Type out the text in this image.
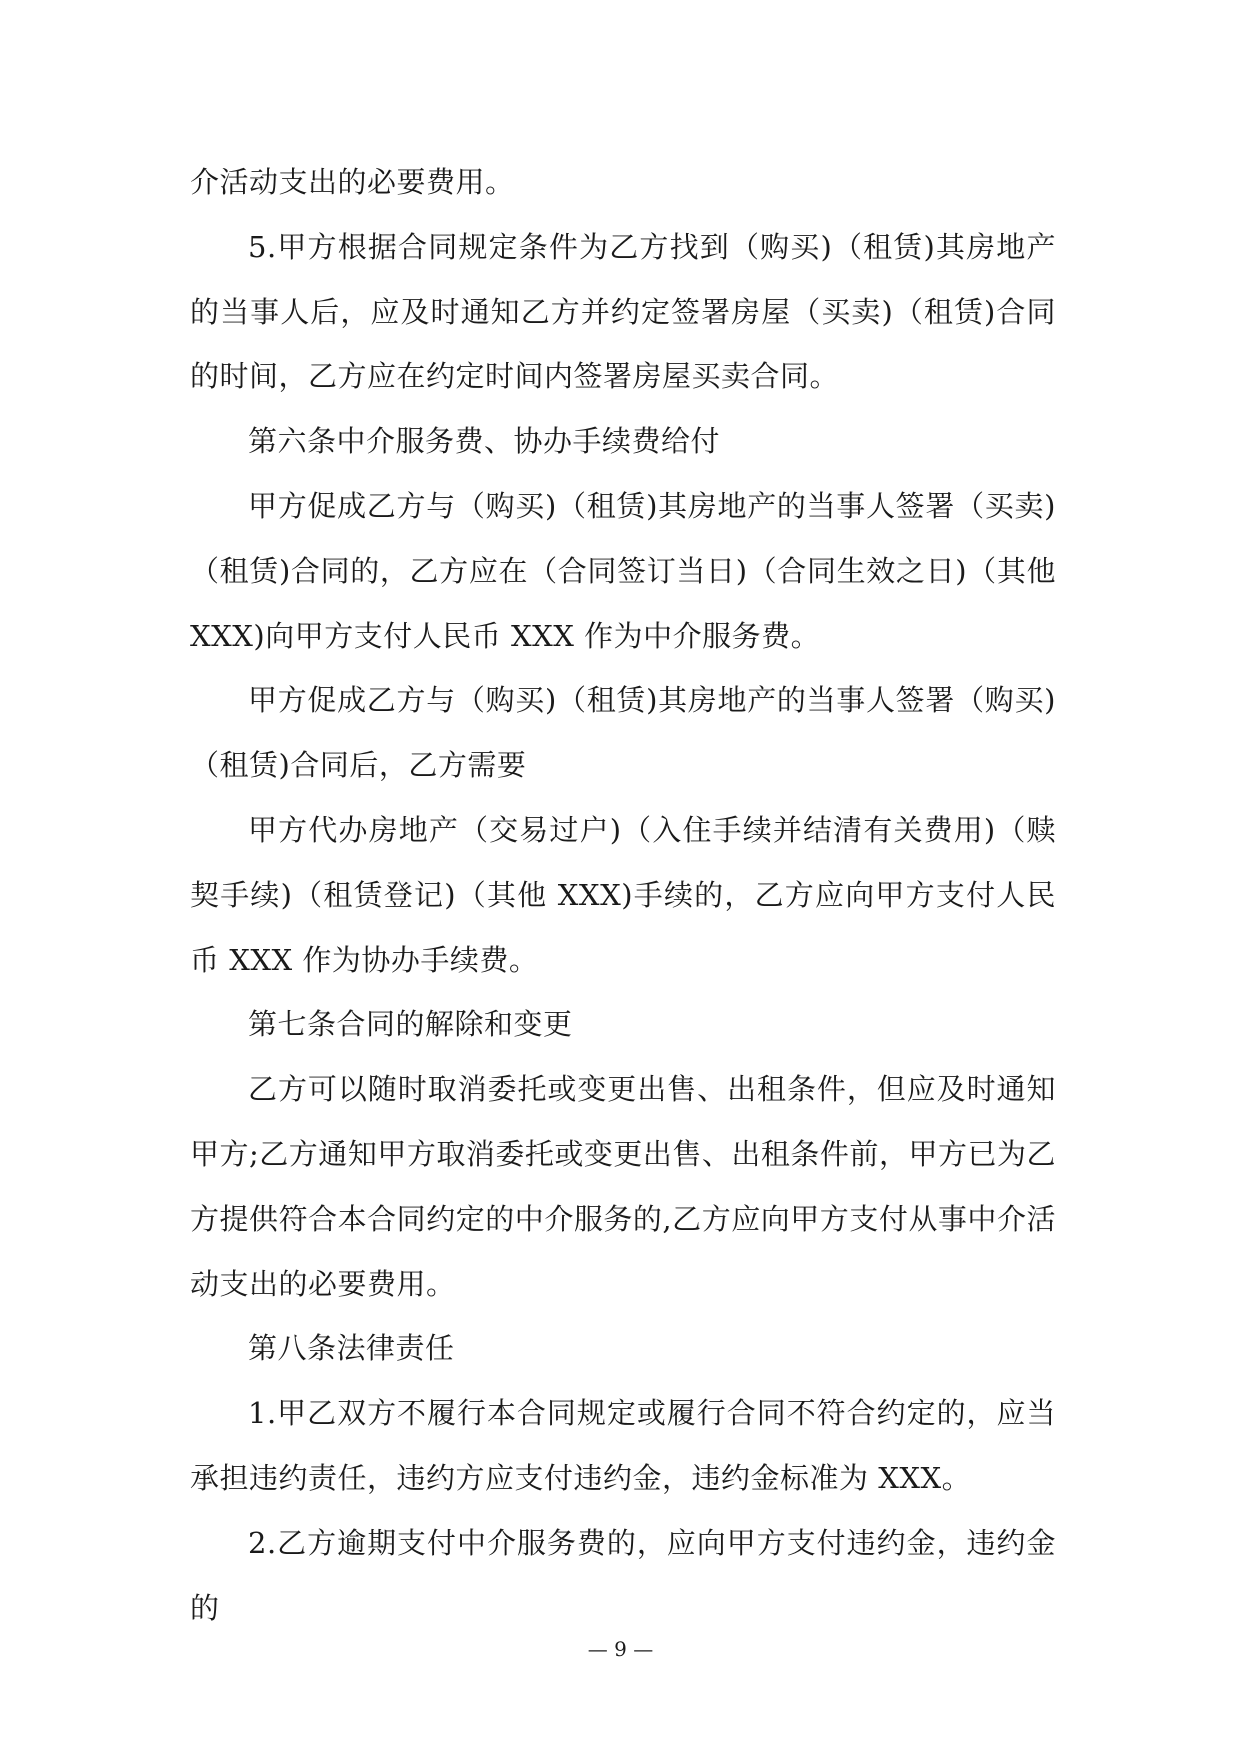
介活动支出的必要费用。

5.甲方根据合同规定条件为乙方找到（购买)（租赁)其房地产的当事人后，应及时通知乙方并约定签署房屋（买卖)（租赁)合同的时间，乙方应在约定时间内签署房屋买卖合同。

第六条中介服务费、协办手续费给付

甲方促成乙方与（购买)（租赁)其房地产的当事人签署（买卖)（租赁)合同的，乙方应在（合同签订当日)（合同生效之日)（其他XXX)向甲方支付人民币 XXX 作为中介服务费。

甲方促成乙方与（购买)（租赁)其房地产的当事人签署（购买)（租赁)合同后，乙方需要

甲方代办房地产（交易过户)（入住手续并结清有关费用)（赎契手续)（租赁登记)（其他 XXX)手续的，乙方应向甲方支付人民币 XXX 作为协办手续费。

第七条合同的解除和变更

乙方可以随时取消委托或变更出售、出租条件，但应及时通知甲方;乙方通知甲方取消委托或变更出售、出租条件前，甲方已为乙方提供符合本合同约定的中介服务的,乙方应向甲方支付从事中介活动支出的必要费用。

第八条法律责任

1.甲乙双方不履行本合同规定或履行合同不符合约定的，应当承担违约责任，违约方应支付违约金，违约金标准为 XXX。

2.乙方逾期支付中介服务费的，应向甲方支付违约金，违约金的

— 9 —
